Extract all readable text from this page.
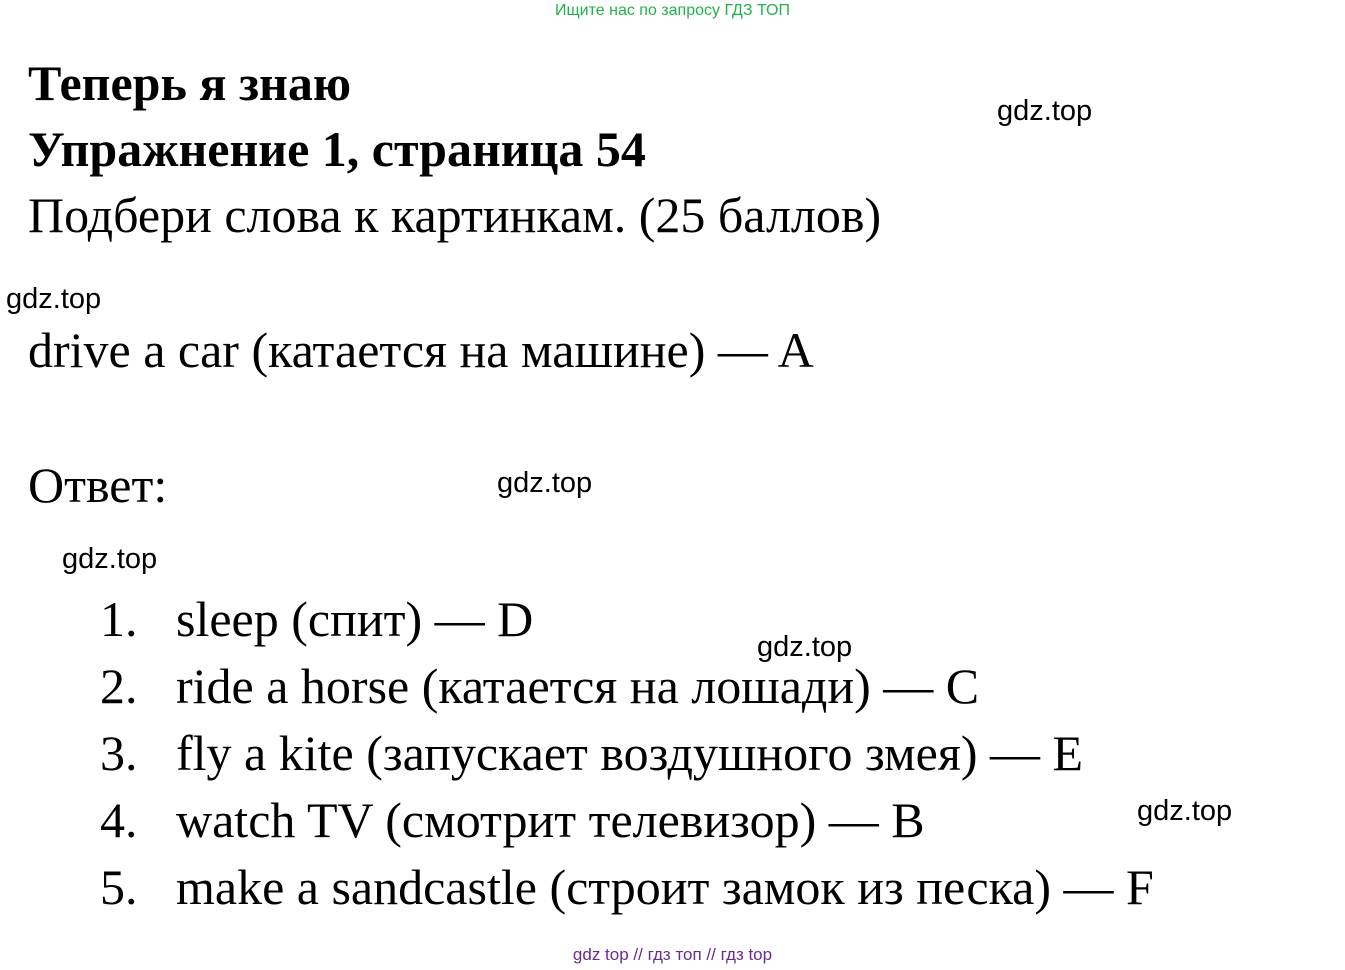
Ищите нас по запросу ГДЗ ТОП
Теперь я знаю
Упражнение 1, страница 54
Подбери слова к картинкам. (25 баллов)
drive a car (катается на машине) — A
Ответ:
1. sleep (спит) — D
2. ride a horse (катается на лошади) — C
3. fly a kite (запускает воздушного змея) — E
4. watch TV (смотрит телевизор) — B
5. make a sandcastle (строит замок из песка) — F
gdz.top
gdz.top
gdz.top
gdz.top
gdz.top
gdz.top
gdz top // гдз топ // гдз top
